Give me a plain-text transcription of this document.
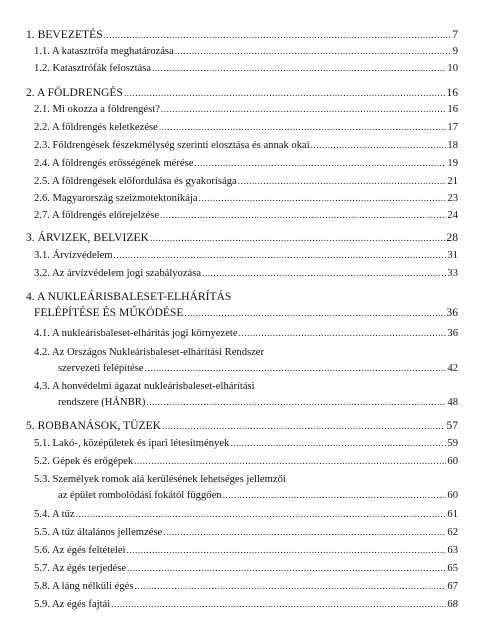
1. BEVEZETÉS .....	7
1.1. A katasztrófa meghatározása .....	9
1.2. Katasztrófák felosztása .....	10
2. A FÖLDRENGÉS .....	16
2.1. Mi okozza a földrengést? .....	16
2.2. A földrengés keletkezése .....	17
2.3. Földrengések fészekmélység szerinti elosztása és annak okai .....	18
2.4. A földrengés erősségének mérése .....	19
2.5. A földrengések előfordulása és gyakorisága .....	21
2.6. Magyarország szeizmotektonikája .....	23
2.7. A földrengés előrejelzése .....	24
3. ÁRVIZEK, BELVIZEK .....	28
3.1. Árvízvédelem .....	31
3.2. Az árvízvédelem jogi szabályozása .....	33
4. A NUKLEÁRISBALESET-ELHÁRÍTÁS
FELÉPÍTÉSE ÉS MŰKÖDÉSE .....	36
4.1. A nukleárisbaleset-elhárítás jogi környezete .....	36
4.2. Az Országos Nukleárisbaleset-elhárítási Rendszer
szervezeti felépítése .....	42
4.3. A honvédelmi ágazat nukleárisbaleset-elhárítási
rendszere (HÁNBR) .....	48
5. ROBBANÁSOK, TÜZEK .....	57
5.1. Lakó-, középületek és ipari létesítmények .....	59
5.2. Gépek és erőgépek .....	60
5.3. Személyek romok alá kerülésének lehetséges jellemzői
az épület rombolódási fokától függően .....	60
5.4. A tűz .....	61
5.5. A tűz általános jellemzése .....	62
5.6. Az égés feltételei .....	63
5.7. Az égés terjedése .....	65
5.8. A láng nélküli égés .....	67
5.9. Az égés fajtái .....	68
